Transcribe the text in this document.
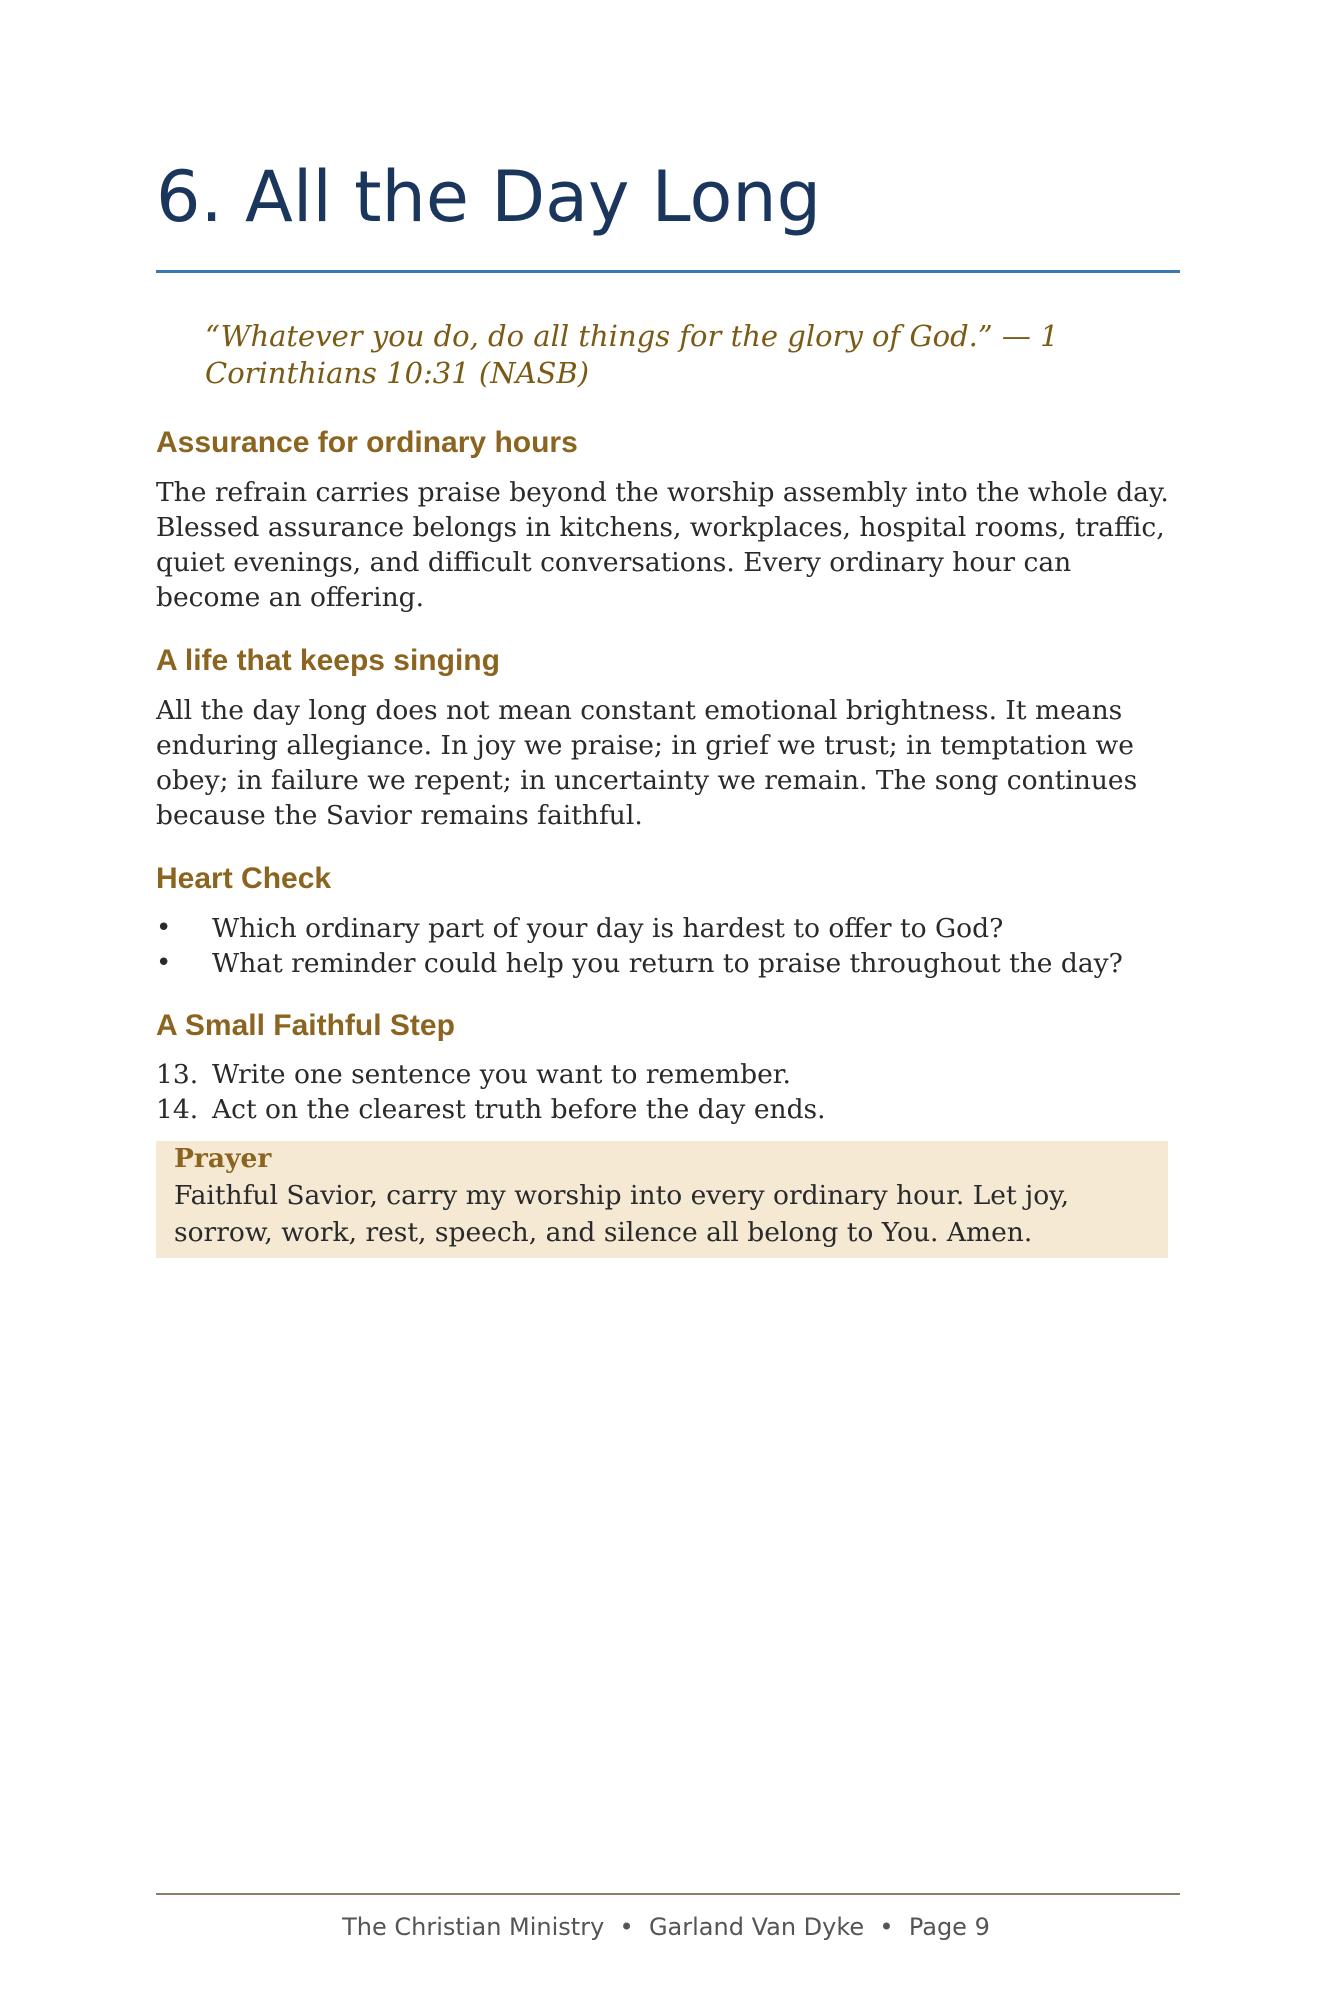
6. All the Day Long

“Whatever you do, do all things for the glory of God.” — 1 Corinthians 10:31 (NASB)

Assurance for ordinary hours

The refrain carries praise beyond the worship assembly into the whole day. Blessed assurance belongs in kitchens, workplaces, hospital rooms, traffic, quiet evenings, and difficult conversations. Every ordinary hour can become an offering.

A life that keeps singing

All the day long does not mean constant emotional brightness. It means enduring allegiance. In joy we praise; in grief we trust; in temptation we obey; in failure we repent; in uncertainty we remain. The song continues because the Savior remains faithful.

Heart Check
•	Which ordinary part of your day is hardest to offer to God?
•	What reminder could help you return to praise throughout the day?
A Small Faithful Step
13. Write one sentence you want to remember.
14. Act on the clearest truth before the day ends.

Prayer

Faithful Savior, carry my worship into every ordinary hour. Let joy, sorrow, work, rest, speech, and silence all belong to You. Amen.

The Christian Ministry  •  Garland Van Dyke  •  Page 9
